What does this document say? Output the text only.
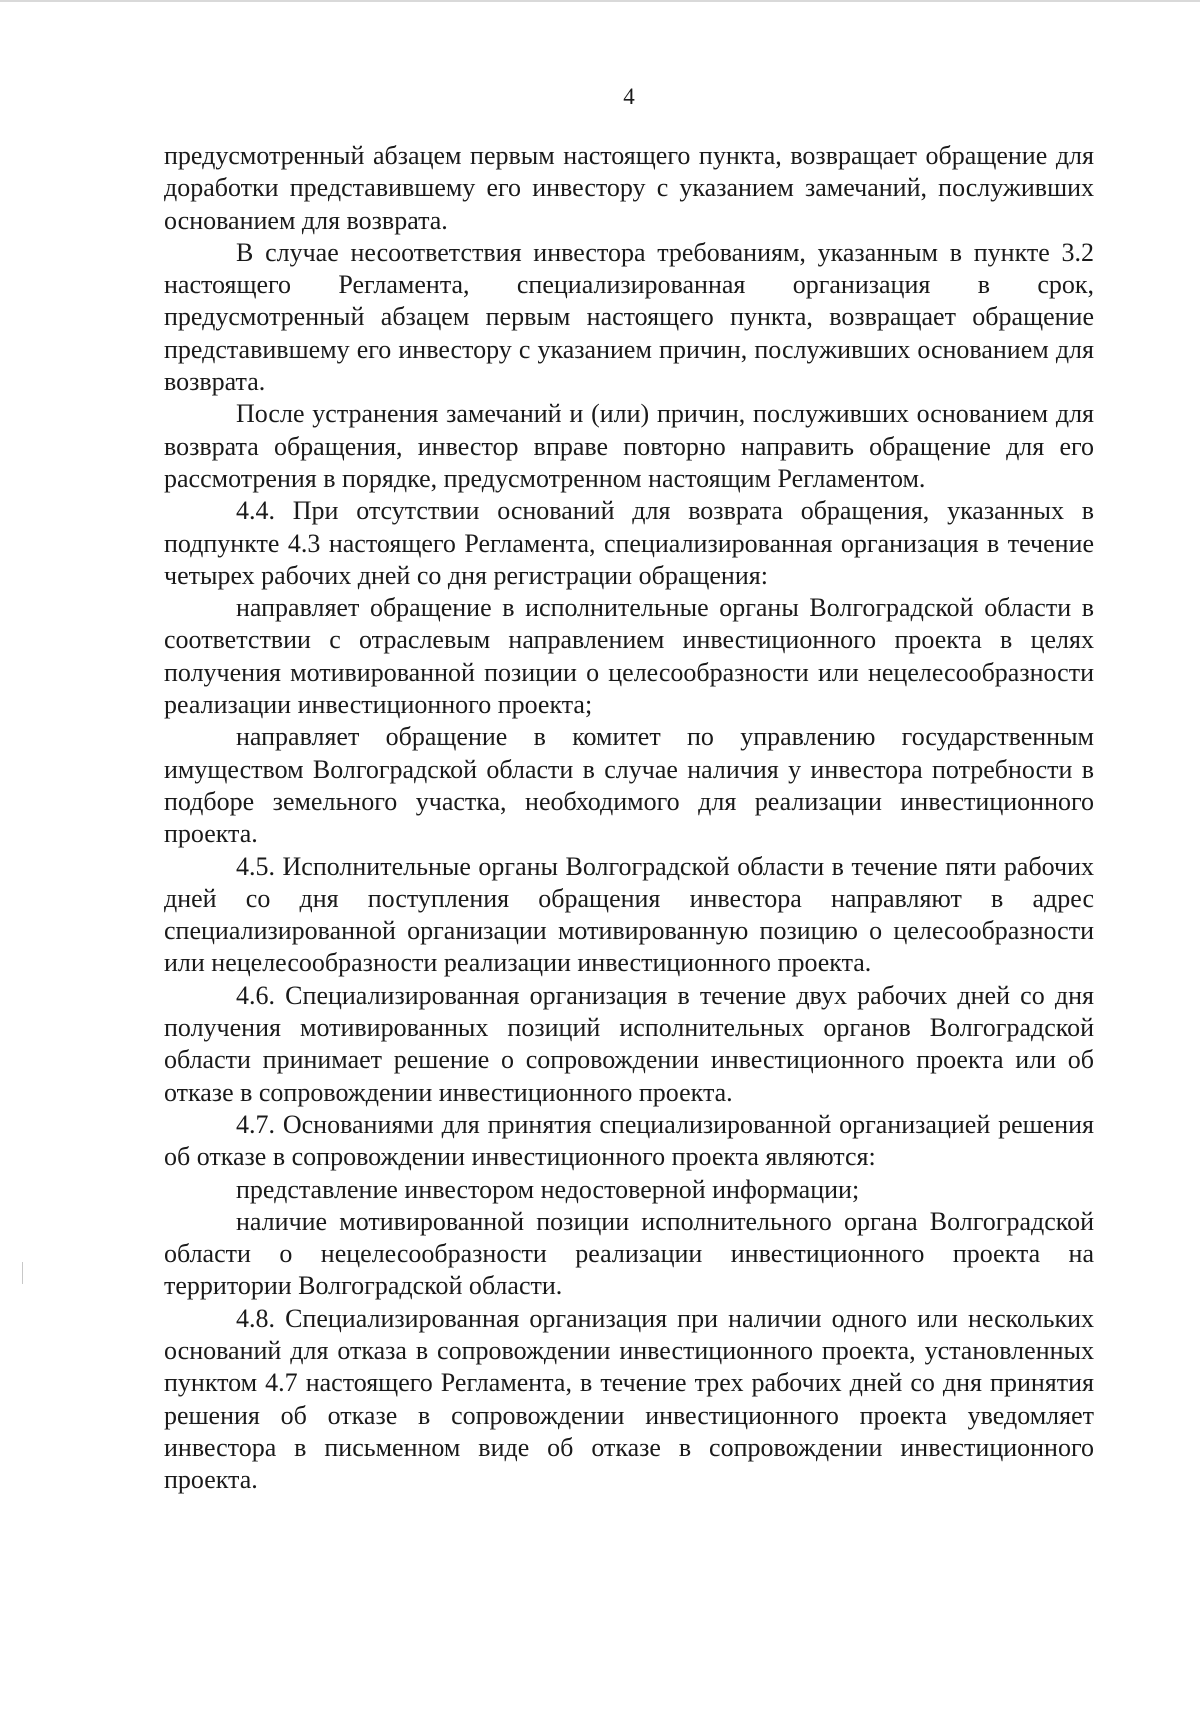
4

предусмотренный абзацем первым настоящего пункта, возвращает обращение для доработки представившему его инвестору с указанием замечаний, послуживших основанием для возврата.

В случае несоответствия инвестора требованиям, указанным в пункте 3.2 настоящего Регламента, специализированная организация в срок, предусмотренный абзацем первым настоящего пункта, возвращает обращение представившему его инвестору с указанием причин, послуживших основанием для возврата.

После устранения замечаний и (или) причин, послуживших основанием для возврата обращения, инвестор вправе повторно направить обращение для его рассмотрения в порядке, предусмотренном настоящим Регламентом.

4.4. При отсутствии оснований для возврата обращения, указанных в подпункте 4.3 настоящего Регламента, специализированная организация в течение четырех рабочих дней со дня регистрации обращения:

направляет обращение в исполнительные органы Волгоградской области в соответствии с отраслевым направлением инвестиционного проекта в целях получения мотивированной позиции о целесообразности или нецелесообразности реализации инвестиционного проекта;

направляет обращение в комитет по управлению государственным имуществом Волгоградской области в случае наличия у инвестора потребности в подборе земельного участка, необходимого для реализации инвестиционного проекта.

4.5. Исполнительные органы Волгоградской области в течение пяти рабочих дней со дня поступления обращения инвестора направляют в адрес специализированной организации мотивированную позицию о целесообразности или нецелесообразности реализации инвестиционного проекта.

4.6. Специализированная организация в течение двух рабочих дней со дня получения мотивированных позиций исполнительных органов Волгоградской области принимает решение о сопровождении инвестиционного проекта или об отказе в сопровождении инвестиционного проекта.

4.7. Основаниями для принятия специализированной организацией решения об отказе в сопровождении инвестиционного проекта являются:

представление инвестором недостоверной информации;

наличие мотивированной позиции исполнительного органа Волгоградской области о нецелесообразности реализации инвестиционного проекта на территории Волгоградской области.

4.8. Специализированная организация при наличии одного или нескольких оснований для отказа в сопровождении инвестиционного проекта, установленных пунктом 4.7 настоящего Регламента, в течение трех рабочих дней со дня принятия решения об отказе в сопровождении инвестиционного проекта уведомляет инвестора в письменном виде об отказе в сопровождении инвестиционного проекта.
